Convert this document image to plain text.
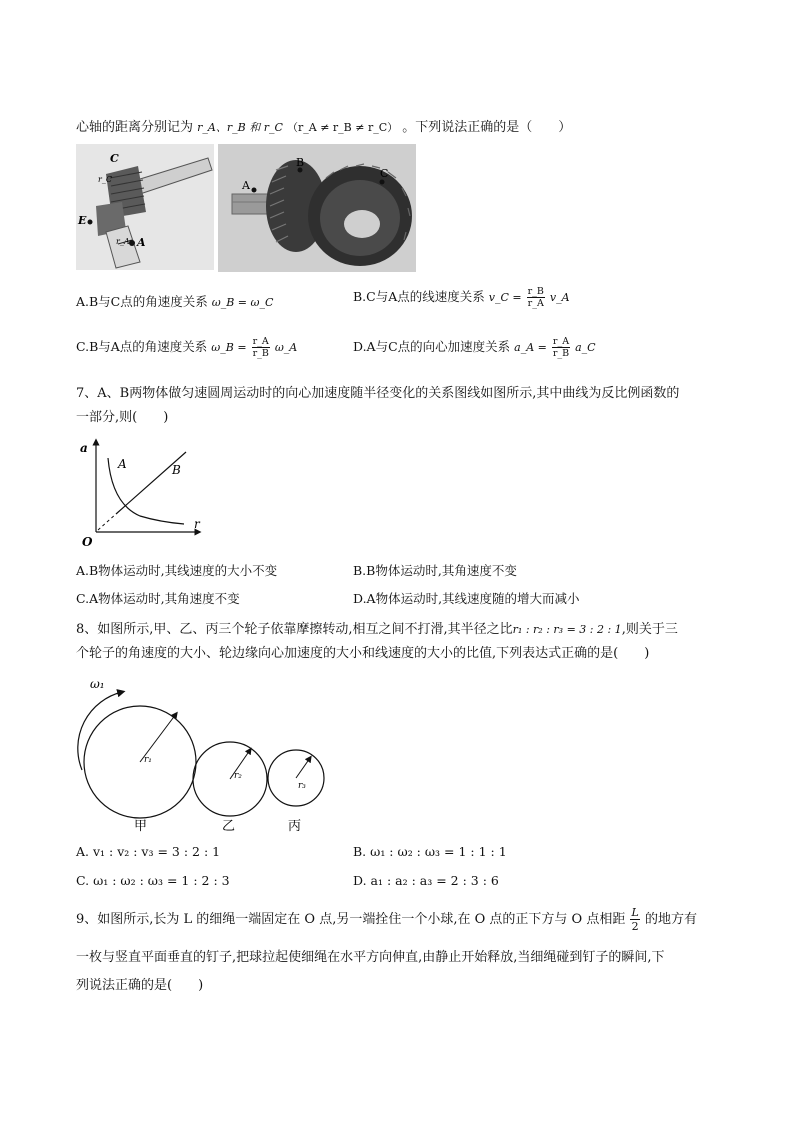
心轴的距离分别记为 r_A、r_B 和 r_C （r_A ≠ r_B ≠ r_C） 。下列说法正确的是（　　）
C
r_C
E
r_A A
A
B
C
A.B与C点的角速度关系 ω_B = ω_C	B.C与A点的线速度关系 v_C = $\frac{r\_B}{r\_A}$ v_A
C.B与A点的角速度关系 ω_B = $\frac{r\_A}{r\_B}$ ω_A	D.A与C点的向心加速度关系 a_A = $\frac{r\_A}{r\_B}$ a_C
7、A、B两物体做匀速圆周运动时的向心加速度随半径变化的关系图线如图所示,其中曲线为反比例函数的
一部分,则(　　)
a
r
O
A	B
A.B物体运动时,其线速度的大小不变	B.B物体运动时,其角速度不变
C.A物体运动时,其角速度不变	D.A物体运动时,其线速度随的增大而减小
8、如图所示,甲、乙、丙三个轮子依靠摩擦转动,相互之间不打滑,其半径之比r₁ : r₂ : r₃ = 3 : 2 : 1,则关于三
个轮子的角速度的大小、轮边缘向心加速度的大小和线速度的大小的比值,下列表达式正确的是(　　)
ω₁
r₁
r₂
r₃
甲	乙	丙
A. v₁ : v₂ : v₃ = 3 : 2 : 1	B. ω₁ : ω₂ : ω₃ = 1 : 1 : 1
C. ω₁ : ω₂ : ω₃ = 1 : 2 : 3	D. a₁ : a₂ : a₃ = 2 : 3 : 6
9、如图所示,长为 L 的细绳一端固定在 O 点,另一端拴住一个小球,在 O 点的正下方与 O 点相距 $\frac{L}{2}$ 的地方有
一枚与竖直平面垂直的钉子,把球拉起使细绳在水平方向伸直,由静止开始释放,当细绳碰到钉子的瞬间,下
列说法正确的是(　　)
